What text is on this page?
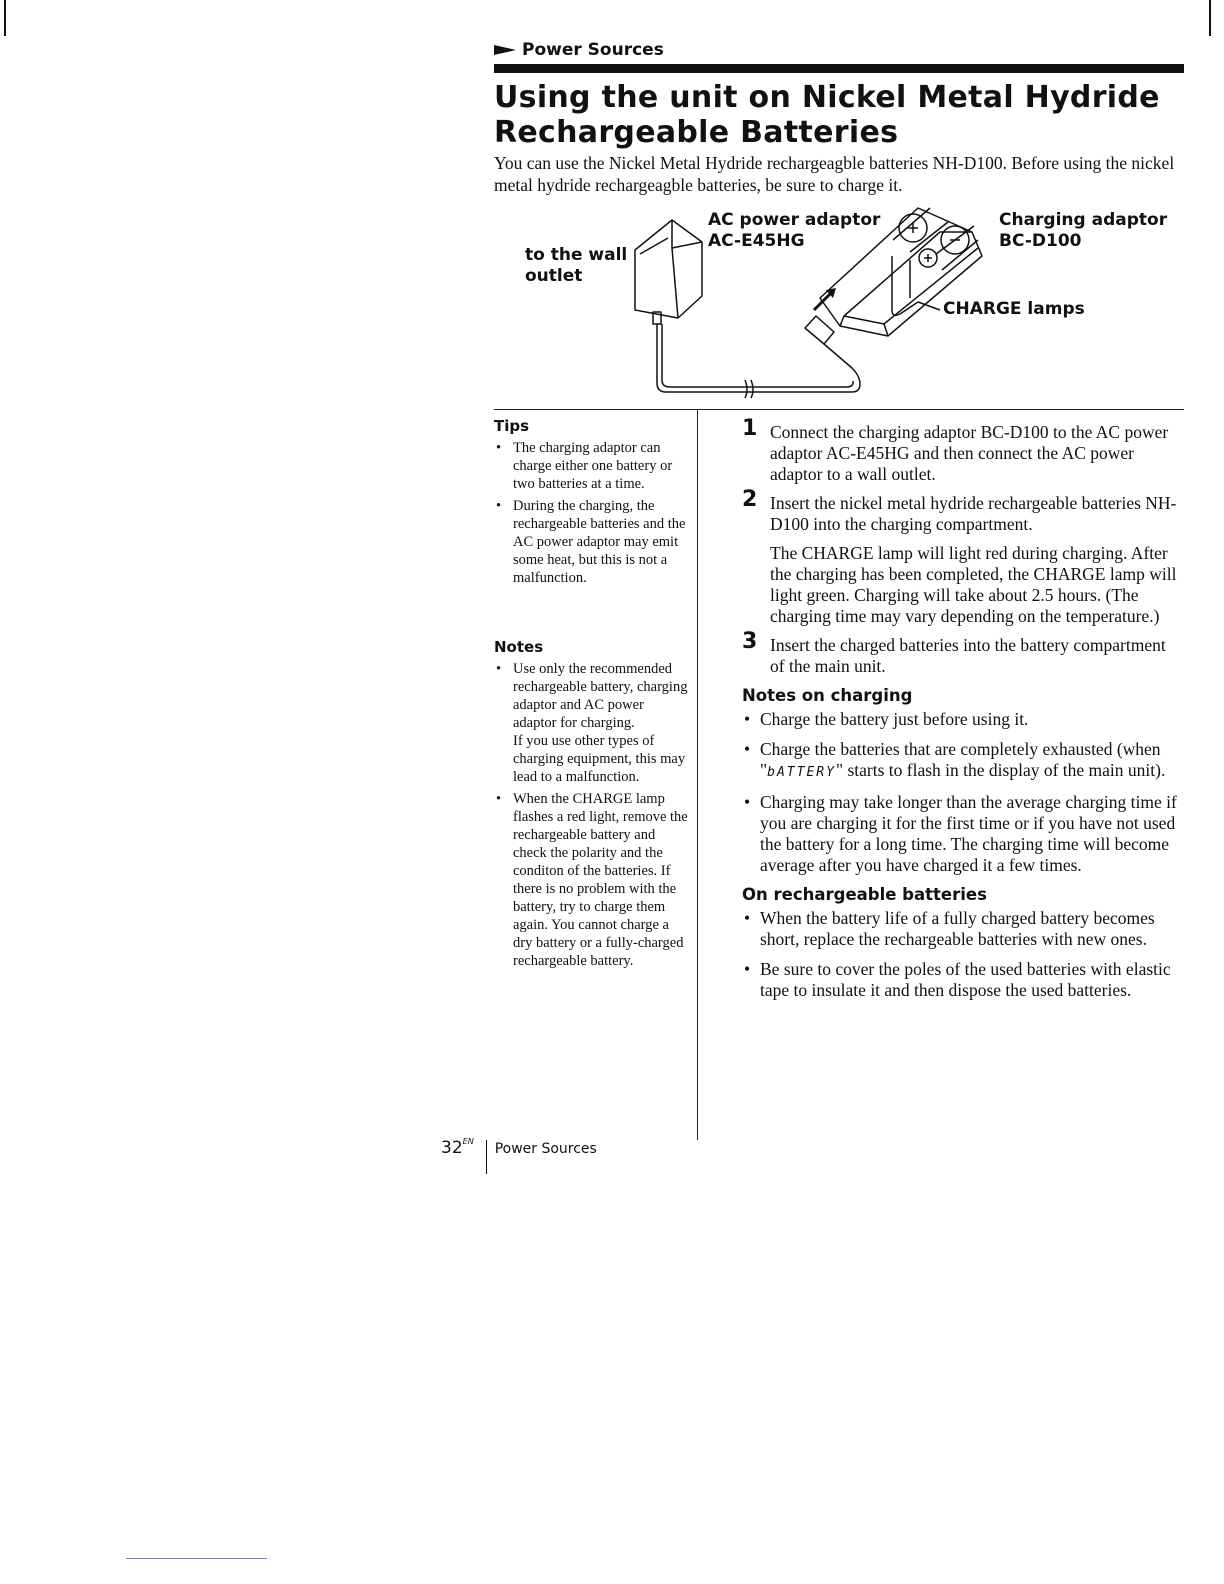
Power Sources
Using the unit on Nickel Metal Hydride Rechargeable Batteries

You can use the Nickel Metal Hydride rechargeagble batteries NH-D100. Before using the nickel metal hydride rechargeagble batteries, be sure to charge it.

to the wall
outlet
AC power adaptor
AC-E45HG
Charging adaptor
BC-D100
CHARGE lamps
Tips
• The charging adaptor can charge either one battery or two batteries at a time.
• During the charging, the rechargeable batteries and the AC power adaptor may emit some heat, but this is not a malfunction.
Notes
• Use only the recommended rechargeable battery, charging adaptor and AC power adaptor for charging.
If you use other types of charging equipment, this may lead to a malfunction.
• When the CHARGE lamp flashes a red light, remove the rechargeable battery and check the polarity and the conditon of the batteries. If there is no problem with the battery, try to charge them again. You cannot charge a dry battery or a fully-charged rechargeable battery.
1 Connect the charging adaptor BC-D100 to the AC power adaptor AC-E45HG and then connect the AC power adaptor to a wall outlet.

2 Insert the nickel metal hydride rechargeable batteries NH-D100 into the charging compartment.

The CHARGE lamp will light red during charging. After the charging has been completed, the CHARGE lamp will light green. Charging will take about 2.5 hours. (The charging time may vary depending on the temperature.)

3 Insert the charged batteries into the battery compartment of the main unit.

Notes on charging
• Charge the battery just before using it.
• Charge the batteries that are completely exhausted (when "bATTERY" starts to flash in the display of the main unit).
• Charging may take longer than the average charging time if you are charging it for the first time or if you have not used the battery for a long time. The charging time will become average after you have charged it a few times.
On rechargeable batteries
• When the battery life of a fully charged battery becomes short, replace the rechargeable batteries with new ones.
• Be sure to cover the poles of the used batteries with elastic tape to insulate it and then dispose the used batteries.
$32^{EN}$ Power Sources
